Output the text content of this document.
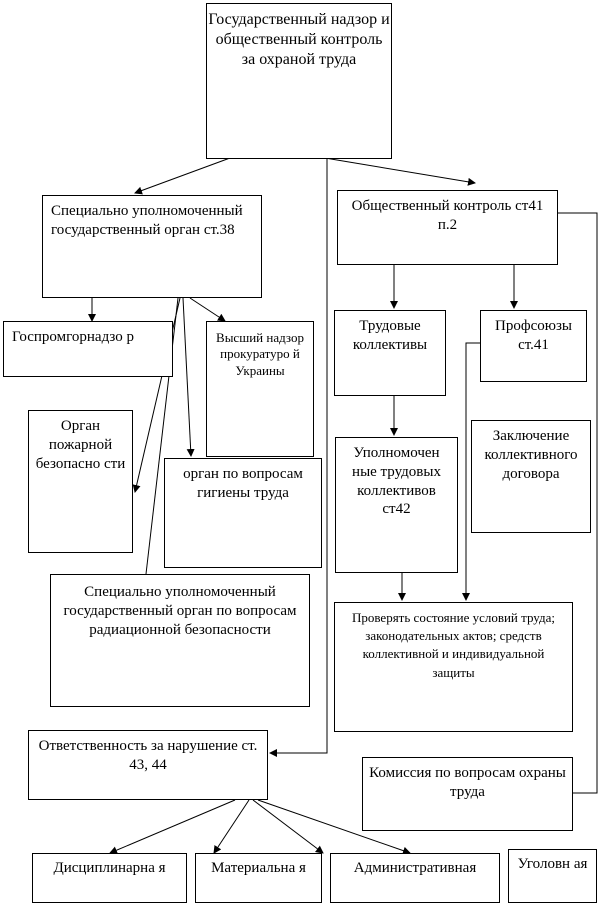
Государственный надзор и общественный контроль за охраной труда
Специально уполномоченный государственный орган ст.38
Общественный контроль ст41 п.2
Госпромгорнадзо р	Высший надзор прокуратуро й Украины
Орган пожарной безопасно сти
орган по вопросам гигиены труда
Специально уполномоченный государственный орган по вопросам радиационной безопасности
Трудовые коллективы
Профсоюзы ст.41
Уполномочен ные трудовых коллективов ст42
Заключение коллективного договора
Проверять состояние условий труда; законодательных актов; средств коллективной и индивидуальной защиты
Комиссия по вопросам охраны труда
Ответственность за нарушение ст. 43, 44
Дисциплинарна я	Материальна я	Административная	Уголовн ая
